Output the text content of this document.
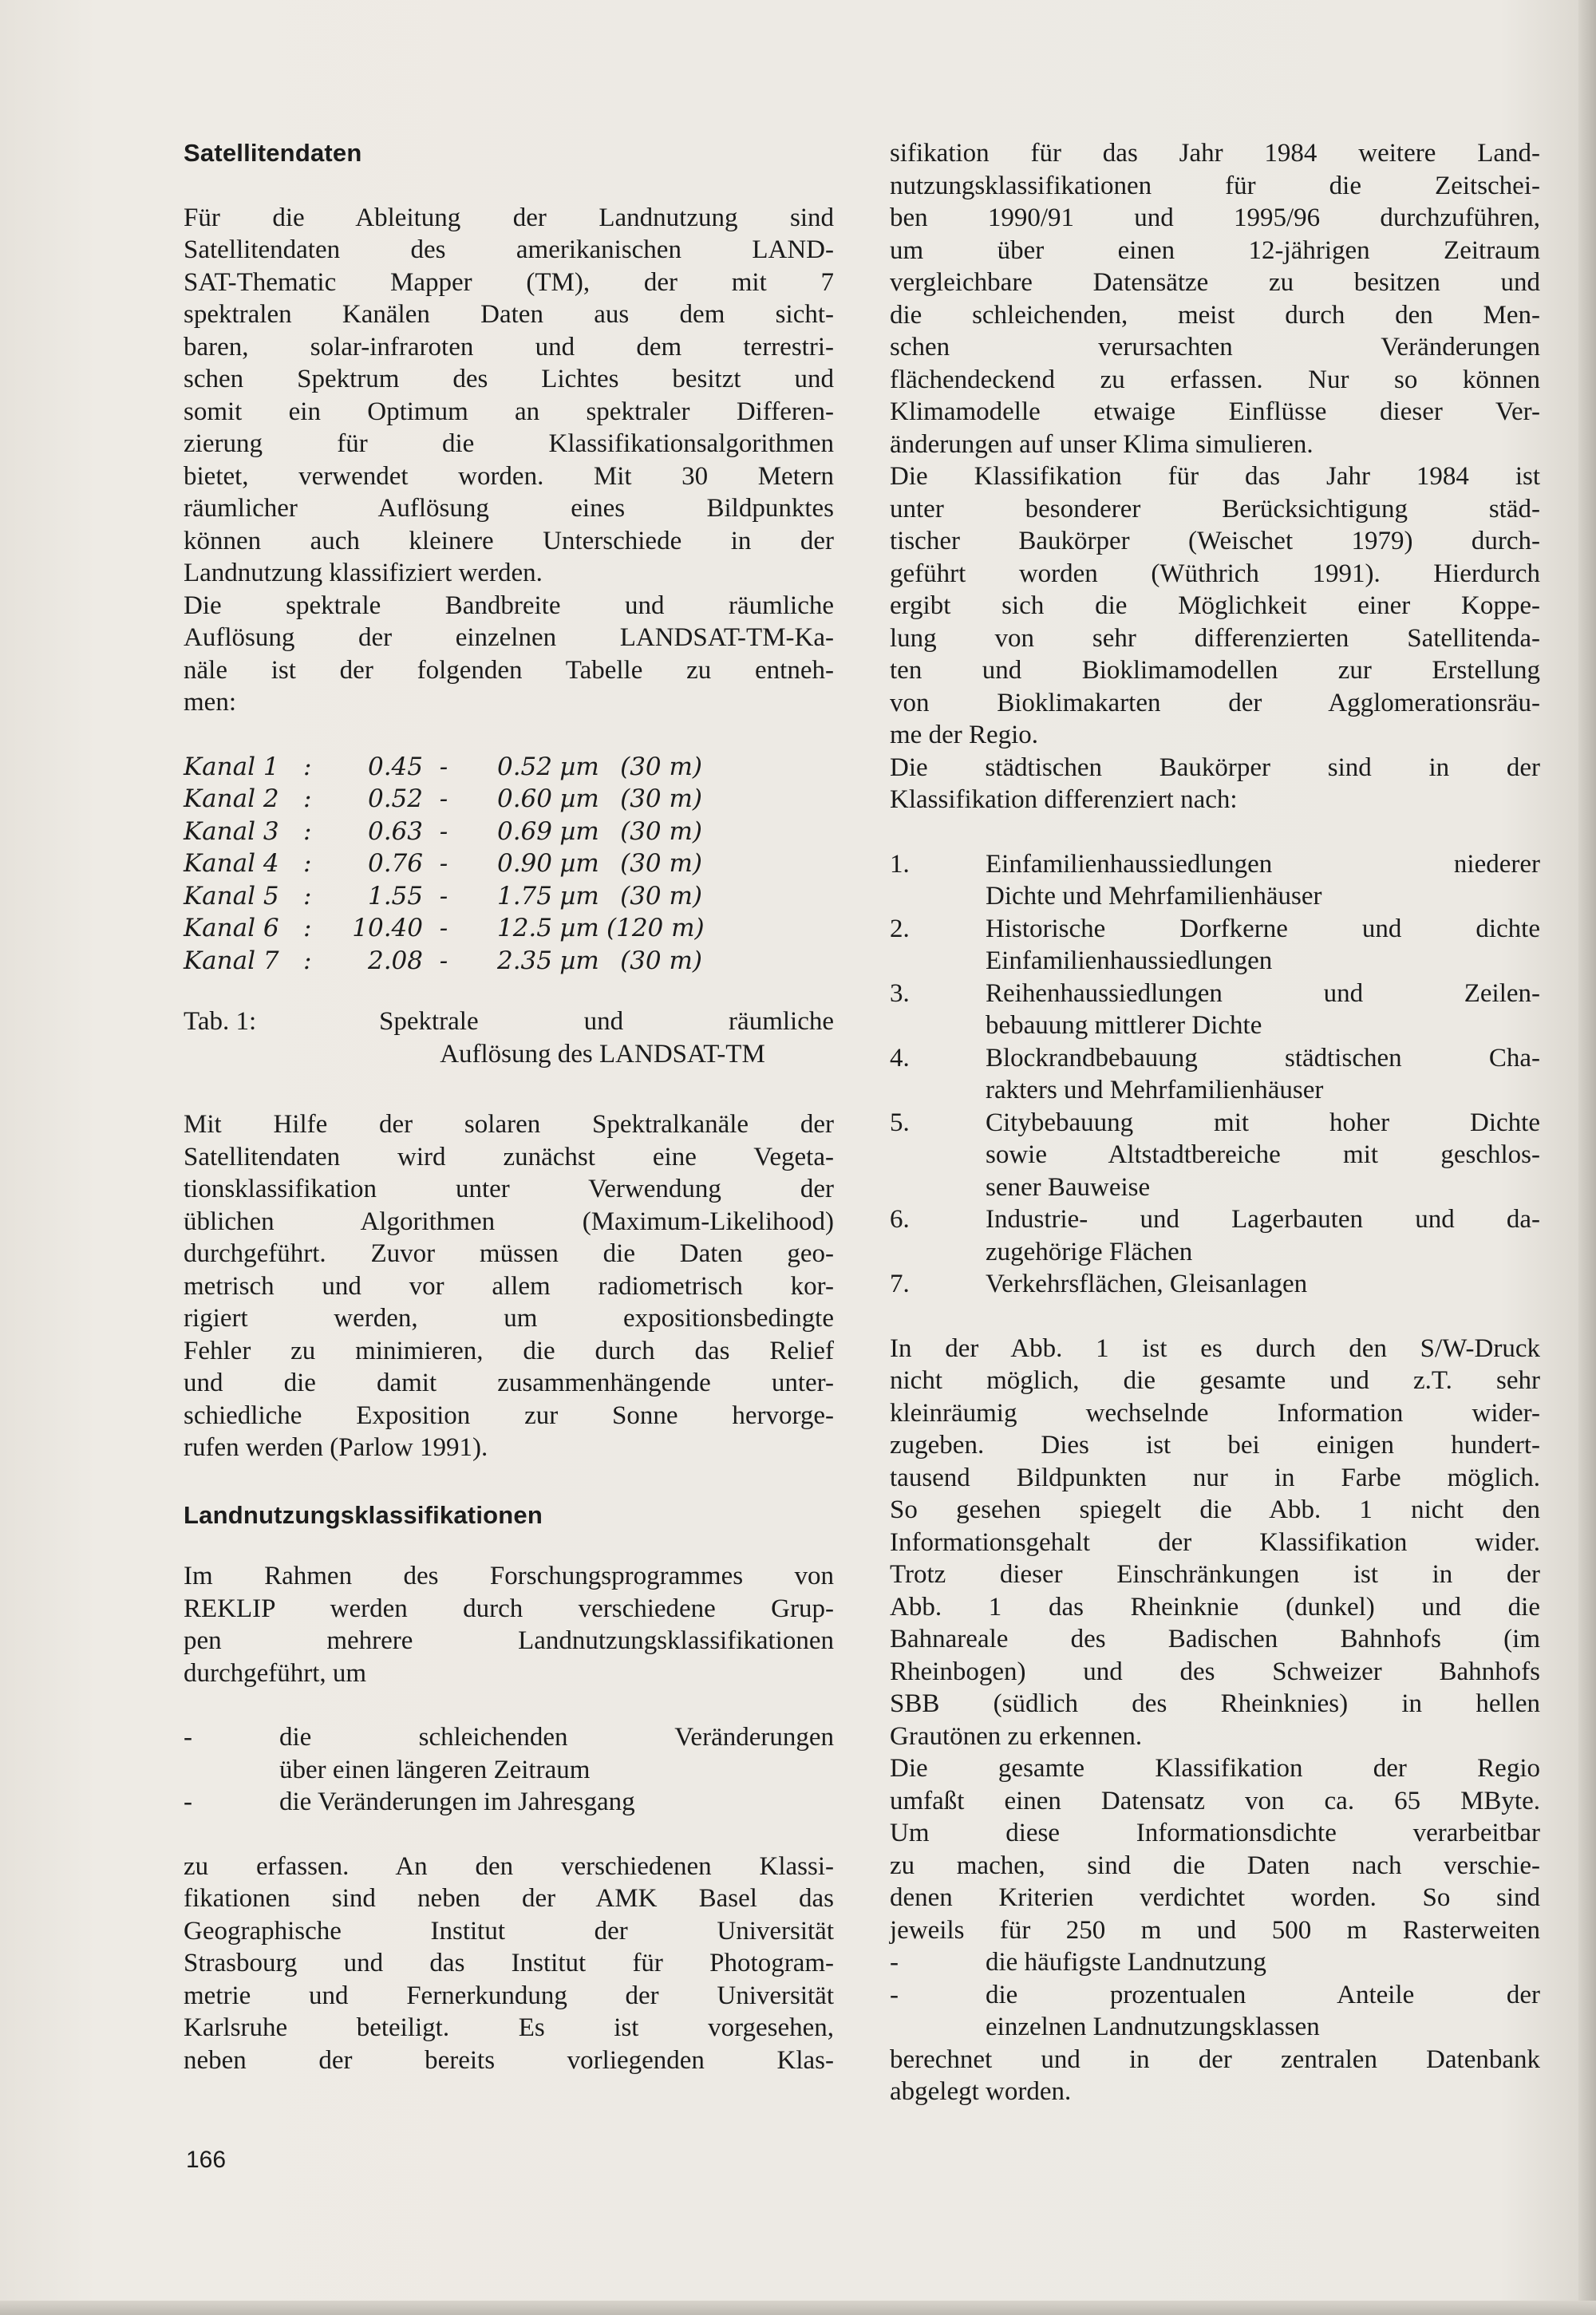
Satellitendaten
Für die Ableitung der Landnutzung sind
Satellitendaten des amerikanischen LAND-
SAT-Thematic Mapper (TM), der mit 7
spektralen Kanälen Daten aus dem sicht-
baren, solar-infraroten und dem terrestri-
schen Spektrum des Lichtes besitzt und
somit ein Optimum an spektraler Differen-
zierung für die Klassifikationsalgorithmen
bietet, verwendet worden. Mit 30 Metern
räumlicher Auflösung eines Bildpunktes
können auch kleinere Unterschiede in der
Landnutzung klassifiziert werden.
Die spektrale Bandbreite und räumliche
Auflösung der einzelnen LANDSAT-TM-Ka-
näle ist der folgenden Tabelle zu entneh-
men:
Kanal 1 : 0.45 - 0.52 µm (30 m)
Kanal 2 : 0.52 - 0.60 µm (30 m)
Kanal 3 : 0.63 - 0.69 µm (30 m)
Kanal 4 : 0.76 - 0.90 µm (30 m)
Kanal 5 : 1.55 - 1.75 µm (30 m)
Kanal 6 : 10.40 - 12.5 µm (120 m)
Kanal 7 : 2.08 - 2.35 µm (30 m)
Tab. 1:	Spektrale und räumliche
Auflösung des LANDSAT-TM
Mit Hilfe der solaren Spektralkanäle der
Satellitendaten wird zunächst eine Vegeta-
tionsklassifikation unter Verwendung der
üblichen Algorithmen (Maximum-Likelihood)
durchgeführt. Zuvor müssen die Daten geo-
metrisch und vor allem radiometrisch kor-
rigiert werden, um expositionsbedingte
Fehler zu minimieren, die durch das Relief
und die damit zusammenhängende unter-
schiedliche Exposition zur Sonne hervorge-
rufen werden (Parlow 1991).
Landnutzungsklassifikationen
Im Rahmen des Forschungsprogrammes von
REKLIP werden durch verschiedene Grup-
pen mehrere Landnutzungsklassifikationen
durchgeführt, um
-	die schleichenden Veränderungen
über einen längeren Zeitraum
-	die Veränderungen im Jahresgang
zu erfassen. An den verschiedenen Klassi-
fikationen sind neben der AMK Basel das
Geographische Institut der Universität
Strasbourg und das Institut für Photogram-
metrie und Fernerkundung der Universität
Karlsruhe beteiligt. Es ist vorgesehen,
neben der bereits vorliegenden Klas-
sifikation für das Jahr 1984 weitere Land-
nutzungsklassifikationen für die Zeitschei-
ben 1990/91 und 1995/96 durchzuführen,
um über einen 12-jährigen Zeitraum
vergleichbare Datensätze zu besitzen und
die schleichenden, meist durch den Men-
schen verursachten Veränderungen
flächendeckend zu erfassen. Nur so können
Klimamodelle etwaige Einflüsse dieser Ver-
änderungen auf unser Klima simulieren.
Die Klassifikation für das Jahr 1984 ist
unter besonderer Berücksichtigung städ-
tischer Baukörper (Weischet 1979) durch-
geführt worden (Wüthrich 1991). Hierdurch
ergibt sich die Möglichkeit einer Koppe-
lung von sehr differenzierten Satellitenda-
ten und Bioklimamodellen zur Erstellung
von Bioklimakarten der Agglomerationsräu-
me der Regio.
Die städtischen Baukörper sind in der
Klassifikation differenziert nach:
1.	Einfamilienhaussiedlungen niederer
Dichte und Mehrfamilienhäuser
2.	Historische Dorfkerne und dichte
Einfamilienhaussiedlungen
3.	Reihenhaussiedlungen und Zeilen-
bebauung mittlerer Dichte
4.	Blockrandbebauung städtischen Cha-
rakters und Mehrfamilienhäuser
5.	Citybebauung mit hoher Dichte
sowie Altstadtbereiche mit geschlos-
sener Bauweise
6.	Industrie- und Lagerbauten und da-
zugehörige Flächen
7.	Verkehrsflächen, Gleisanlagen
In der Abb. 1 ist es durch den S/W-Druck
nicht möglich, die gesamte und z.T. sehr
kleinräumig wechselnde Information wider-
zugeben. Dies ist bei einigen hundert-
tausend Bildpunkten nur in Farbe möglich.
So gesehen spiegelt die Abb. 1 nicht den
Informationsgehalt der Klassifikation wider.
Trotz dieser Einschränkungen ist in der
Abb. 1 das Rheinknie (dunkel) und die
Bahnareale des Badischen Bahnhofs (im
Rheinbogen) und des Schweizer Bahnhofs
SBB (südlich des Rheinknies) in hellen
Grautönen zu erkennen.
Die gesamte Klassifikation der Regio
umfaßt einen Datensatz von ca. 65 MByte.
Um diese Informationsdichte verarbeitbar
zu machen, sind die Daten nach verschie-
denen Kriterien verdichtet worden. So sind
jeweils für 250 m und 500 m Rasterweiten
-	die häufigste Landnutzung
-	die prozentualen Anteile der
einzelnen Landnutzungsklassen
berechnet und in der zentralen Datenbank
abgelegt worden.
166
